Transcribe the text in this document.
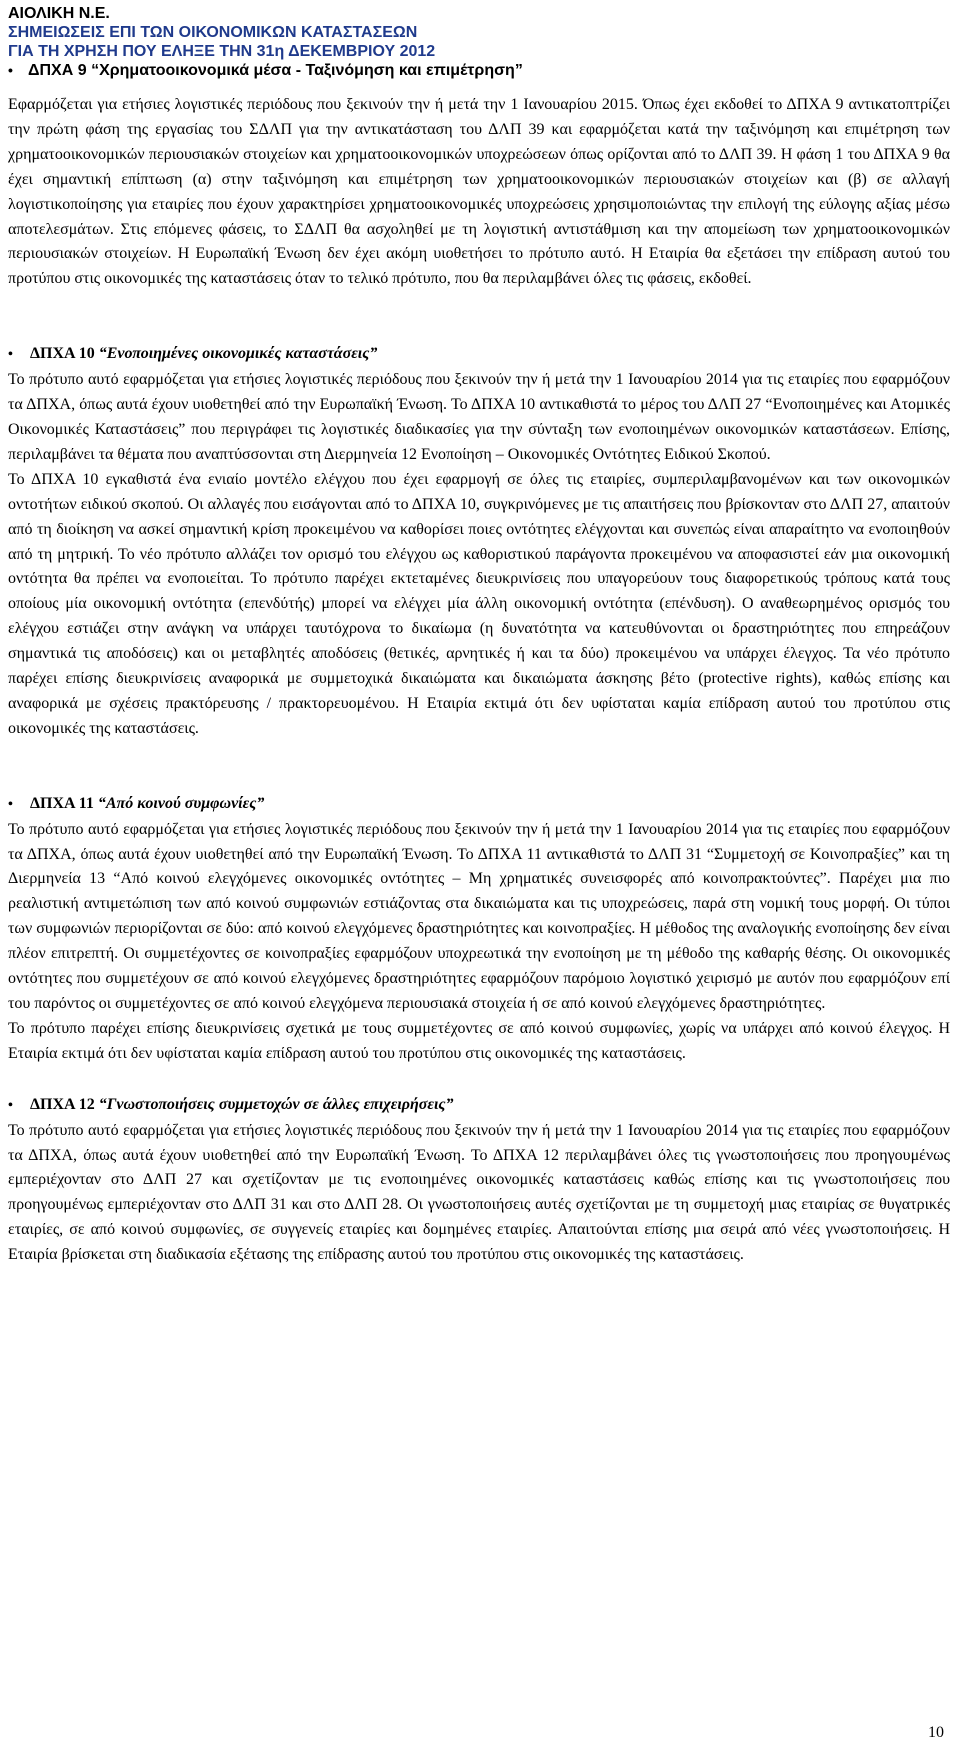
ΑΙΟΛΙΚΗ Ν.Ε.
ΣΗΜΕΙΩΣΕΙΣ ΕΠΙ ΤΩΝ ΟΙΚΟΝΟΜΙΚΩΝ ΚΑΤΑΣΤΑΣΕΩΝ
ΓΙΑ ΤΗ ΧΡΗΣΗ ΠΟΥ ΕΛΗΞΕ ΤΗΝ 31η ΔΕΚΕΜΒΡΙΟΥ 2012
• ΔΠΧΑ 9
“Χρηματοοικονομικά μέσα - Ταξινόμηση και επιμέτρηση”

Εφαρμόζεται για ετήσιες λογιστικές περιόδους που ξεκινούν την ή μετά την 1 Ιανουαρίου 2015. Όπως έχει εκδοθεί το ΔΠΧΑ 9 αντικατοπτρίζει την πρώτη φάση της εργασίας του ΣΔΛΠ για την αντικατάσταση του ΔΛΠ 39 και εφαρμόζεται κατά την ταξινόμηση και επιμέτρηση των χρηματοοικονομικών περιουσιακών στοιχείων και χρηματοοικονομικών υποχρεώσεων όπως ορίζονται από το ΔΛΠ 39. Η φάση 1 του ΔΠΧΑ 9 θα έχει σημαντική επίπτωση (α) στην ταξινόμηση και επιμέτρηση των χρηματοοικονομικών περιουσιακών στοιχείων και (β) σε αλλαγή λογιστικοποίησης για εταιρίες που έχουν χαρακτηρίσει χρηματοοικονομικές υποχρεώσεις χρησιμοποιώντας την επιλογή της εύλογης αξίας μέσω αποτελεσμάτων. Στις επόμενες φάσεις, το ΣΔΛΠ θα ασχοληθεί με τη λογιστική αντιστάθμιση και την απομείωση των χρηματοοικονομικών περιουσιακών στοιχείων. Η Ευρωπαϊκή Ένωση δεν έχει ακόμη υιοθετήσει το πρότυπο αυτό. Η Εταιρία θα εξετάσει την επίδραση αυτού του προτύπου στις οικονομικές της καταστάσεις όταν το τελικό πρότυπο, που θα περιλαμβάνει όλες τις φάσεις, εκδοθεί.

•	ΔΠΧΑ 10
“Ενοποιημένες οικονομικές καταστάσεις”

Το πρότυπο αυτό εφαρμόζεται για ετήσιες λογιστικές περιόδους που ξεκινούν την ή μετά την 1 Ιανουαρίου 2014 για τις εταιρίες που εφαρμόζουν τα ΔΠΧΑ, όπως αυτά έχουν υιοθετηθεί από την Ευρωπαϊκή Ένωση. Το ΔΠΧΑ 10 αντικαθιστά το μέρος του ΔΛΠ 27 “Ενοποιημένες και Ατομικές Οικονομικές Καταστάσεις” που περιγράφει τις λογιστικές διαδικασίες για την σύνταξη των ενοποιημένων οικονομικών καταστάσεων. Επίσης, περιλαμβάνει τα θέματα που αναπτύσσονται στη Διερμηνεία 12 Ενοποίηση – Οικονομικές Οντότητες Ειδικού Σκοπού.

Το ΔΠΧΑ 10 εγκαθιστά ένα ενιαίο μοντέλο ελέγχου που έχει εφαρμογή σε όλες τις εταιρίες, συμπεριλαμβανομένων και των οικονομικών οντοτήτων ειδικού σκοπού. Οι αλλαγές που εισάγονται από το ΔΠΧΑ 10, συγκρινόμενες με τις απαιτήσεις που βρίσκονταν στο ΔΛΠ 27, απαιτούν από τη διοίκηση να ασκεί σημαντική κρίση προκειμένου να καθορίσει ποιες οντότητες ελέγχονται και συνεπώς είναι απαραίτητο να ενοποιηθούν από τη μητρική. Το νέο πρότυπο αλλάζει τον ορισμό του ελέγχου ως καθοριστικού παράγοντα προκειμένου να αποφασιστεί εάν μια οικονομική οντότητα θα πρέπει να ενοποιείται. Το πρότυπο παρέχει εκτεταμένες διευκρινίσεις που υπαγορεύουν τους διαφορετικούς τρόπους κατά τους οποίους μία οικονομική οντότητα (επενδύτής) μπορεί να ελέγχει μία άλλη οικονομική οντότητα (επένδυση). Ο αναθεωρημένος ορισμός του ελέγχου εστιάζει στην ανάγκη να υπάρχει ταυτόχρονα το δικαίωμα (η δυνατότητα να κατευθύνονται οι δραστηριότητες που επηρεάζουν σημαντικά τις αποδόσεις) και οι μεταβλητές αποδόσεις (θετικές, αρνητικές ή και τα δύο) προκειμένου να υπάρχει έλεγχος. Τα νέο πρότυπο παρέχει επίσης διευκρινίσεις αναφορικά με συμμετοχικά δικαιώματα και δικαιώματα άσκησης βέτο (protective rights), καθώς επίσης και αναφορικά με σχέσεις πρακτόρευσης / πρακτορευομένου. Η Εταιρία εκτιμά ότι δεν υφίσταται καμία επίδραση αυτού του προτύπου στις οικονομικές της καταστάσεις.

•	ΔΠΧΑ 11
“Από κοινού συμφωνίες”

Το πρότυπο αυτό εφαρμόζεται για ετήσιες λογιστικές περιόδους που ξεκινούν την ή μετά την 1 Ιανουαρίου 2014 για τις εταιρίες που εφαρμόζουν τα ΔΠΧΑ, όπως αυτά έχουν υιοθετηθεί από την Ευρωπαϊκή Ένωση. Το ΔΠΧΑ 11 αντικαθιστά το ΔΛΠ 31 “Συμμετοχή σε Κοινοπραξίες” και τη Διερμηνεία 13 “Από κοινού ελεγχόμενες οικονομικές οντότητες – Μη χρηματικές συνεισφορές από κοινοπρακτούντες”. Παρέχει μια πιο ρεαλιστική αντιμετώπιση των από κοινού συμφωνιών εστιάζοντας στα δικαιώματα και τις υποχρεώσεις, παρά στη νομική τους μορφή. Οι τύποι των συμφωνιών περιορίζονται σε δύο: από κοινού ελεγχόμενες δραστηριότητες και κοινοπραξίες. Η μέθοδος της αναλογικής ενοποίησης δεν είναι πλέον επιτρεπτή. Οι συμμετέχοντες σε κοινοπραξίες εφαρμόζουν υποχρεωτικά την ενοποίηση με τη μέθοδο της καθαρής θέσης. Οι οικονομικές οντότητες που συμμετέχουν σε από κοινού ελεγχόμενες δραστηριότητες εφαρμόζουν παρόμοιο λογιστικό χειρισμό με αυτόν που εφαρμόζουν επί του παρόντος οι συμμετέχοντες σε από κοινού ελεγχόμενα περιουσιακά στοιχεία ή σε από κοινού ελεγχόμενες δραστηριότητες.

Το πρότυπο παρέχει επίσης διευκρινίσεις σχετικά με τους συμμετέχοντες σε από κοινού συμφωνίες, χωρίς να υπάρχει από κοινού έλεγχος. Η Εταιρία εκτιμά ότι δεν υφίσταται καμία επίδραση αυτού του προτύπου στις οικονομικές της καταστάσεις.

•	ΔΠΧΑ 12
“Γνωστοποιήσεις συμμετοχών σε άλλες επιχειρήσεις”

Το πρότυπο αυτό εφαρμόζεται για ετήσιες λογιστικές περιόδους που ξεκινούν την ή μετά την 1 Ιανουαρίου 2014 για τις εταιρίες που εφαρμόζουν τα ΔΠΧΑ, όπως αυτά έχουν υιοθετηθεί από την Ευρωπαϊκή Ένωση. Το ΔΠΧΑ 12 περιλαμβάνει όλες τις γνωστοποιήσεις που προηγουμένως εμπεριέχονταν στο ΔΛΠ 27 και σχετίζονταν με τις ενοποιημένες οικονομικές καταστάσεις καθώς επίσης και τις γνωστοποιήσεις που προηγουμένως εμπεριέχονταν στο ΔΛΠ 31 και στο ΔΛΠ 28. Οι γνωστοποιήσεις αυτές σχετίζονται με τη συμμετοχή μιας εταιρίας σε θυγατρικές εταιρίες, σε από κοινού συμφωνίες, σε συγγενείς εταιρίες και δομημένες εταιρίες. Απαιτούνται επίσης μια σειρά από νέες γνωστοποιήσεις. Η Εταιρία βρίσκεται στη διαδικασία εξέτασης της επίδρασης αυτού του προτύπου στις οικονομικές της καταστάσεις.

10
